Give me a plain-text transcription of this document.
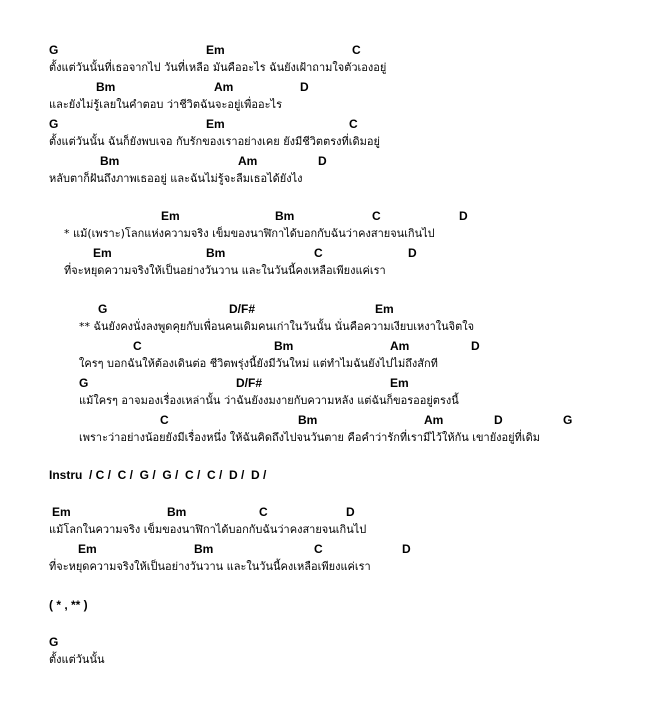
G	Em	C
ตั้งแต่วันนั้นที่เธอจากไป วันที่เหลือ มันคืออะไร ฉันยังเฝ้าถามใจตัวเองอยู่
Bm	Am	D
และยังไม่รู้เลยในคำตอบ ว่าชีวิตฉันจะอยู่เพื่ออะไร
G	Em	C
ตั้งแต่วันนั้น ฉันก็ยังพบเจอ กับรักของเราอย่างเคย ยังมีชีวิตตรงที่เดิมอยู่
Bm	Am	D
หลับตาก็ฝันถึงภาพเธออยู่ และฉันไม่รู้จะลืมเธอได้ยังไง
Em	Bm	C	D
* แม้(เพราะ)โลกแห่งความจริง เข็มของนาฬิกาได้บอกกับฉันว่าคงสายจนเกินไป
Em	Bm	C	D
ที่จะหยุดความจริงให้เป็นอย่างวันวาน และในวันนี้คงเหลือเพียงแค่เรา
G	D/F#	Em
** ฉันยังคงนั่งลงพูดคุยกับเพื่อนคนเดิมคนเก่าในวันนั้น นั่นคือความเงียบเหงาในจิตใจ
C	Bm	Am	D
ใครๆ บอกฉันให้ต้องเดินต่อ ชีวิตพรุ่งนี้ยังมีวันใหม่ แต่ทำไมฉันยังไปไม่ถึงสักที
G	D/F#	Em
แม้ใครๆ อาจมองเรื่องเหล่านั้น ว่าฉันยังงมงายกับความหลัง แต่ฉันก็ขอรออยู่ตรงนี้
C	Bm	Am	D	G
เพราะว่าอย่างน้อยยังมีเรื่องหนึ่ง ให้ฉันคิดถึงไปจนวันตาย คือคำว่ารักที่เรามีไว้ให้กัน เขายังอยู่ที่เดิม
Instru  / C /  C /  G /  G /  C /  C /  D /  D /
Em	Bm	C	D
แม้โลกในความจริง เข็มของนาฬิกาได้บอกกับฉันว่าคงสายจนเกินไป
Em	Bm	C	D
ที่จะหยุดความจริงให้เป็นอย่างวันวาน และในวันนี้คงเหลือเพียงแค่เรา
( * , ** )
G
ตั้งแต่วันนั้น
